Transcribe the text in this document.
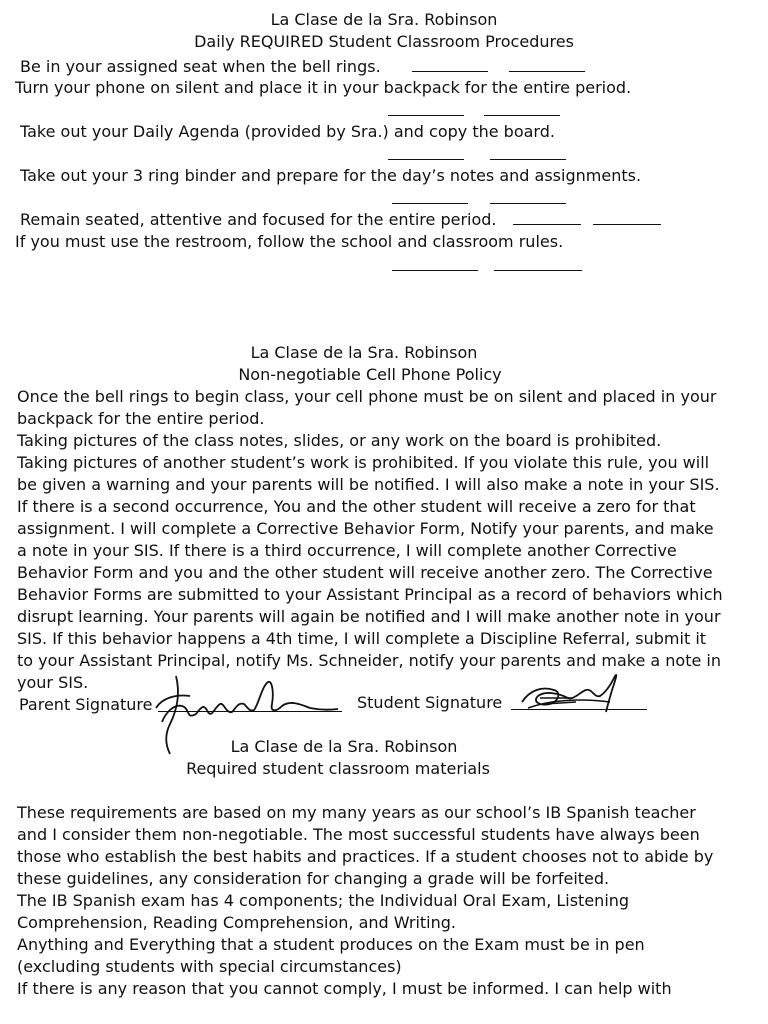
La Clase de la Sra. Robinson
Daily REQUIRED Student Classroom Procedures
Be in your assigned seat when the bell rings.
Turn your phone on silent and place it in your backpack for the entire period.
Take out your Daily Agenda (provided by Sra.) and copy the board.
Take out your 3 ring binder and prepare for the day’s notes and assignments.
Remain seated, attentive and focused for the entire period.
If you must use the restroom, follow the school and classroom rules.
La Clase de la Sra. Robinson
Non-negotiable Cell Phone Policy
Once the bell rings to begin class, your cell phone must be on silent and placed in your
backpack for the entire period.
Taking pictures of the class notes, slides, or any work on the board is prohibited.
Taking pictures of another student’s work is prohibited. If you violate this rule, you will
be given a warning and your parents will be notified. I will also make a note in your SIS.
If there is a second occurrence, You and the other student will receive a zero for that
assignment. I will complete a Corrective Behavior Form, Notify your parents, and make
a note in your SIS. If there is a third occurrence, I will complete another Corrective
Behavior Form and you and the other student will receive another zero. The Corrective
Behavior Forms are submitted to your Assistant Principal as a record of behaviors which
disrupt learning. Your parents will again be notified and I will make another note in your
SIS. If this behavior happens a 4th time, I will complete a Discipline Referral, submit it
to your Assistant Principal, notify Ms. Schneider, notify your parents and make a note in
your SIS.
Parent Signature	Student Signature
La Clase de la Sra. Robinson
Required student classroom materials
These requirements are based on my many years as our school’s IB Spanish teacher
and I consider them non-negotiable. The most successful students have always been
those who establish the best habits and practices. If a student chooses not to abide by
these guidelines, any consideration for changing a grade will be forfeited.
The IB Spanish exam has 4 components; the Individual Oral Exam, Listening
Comprehension, Reading Comprehension, and Writing.
Anything and Everything that a student produces on the Exam must be in pen
(excluding students with special circumstances)
If there is any reason that you cannot comply, I must be informed. I can help with
